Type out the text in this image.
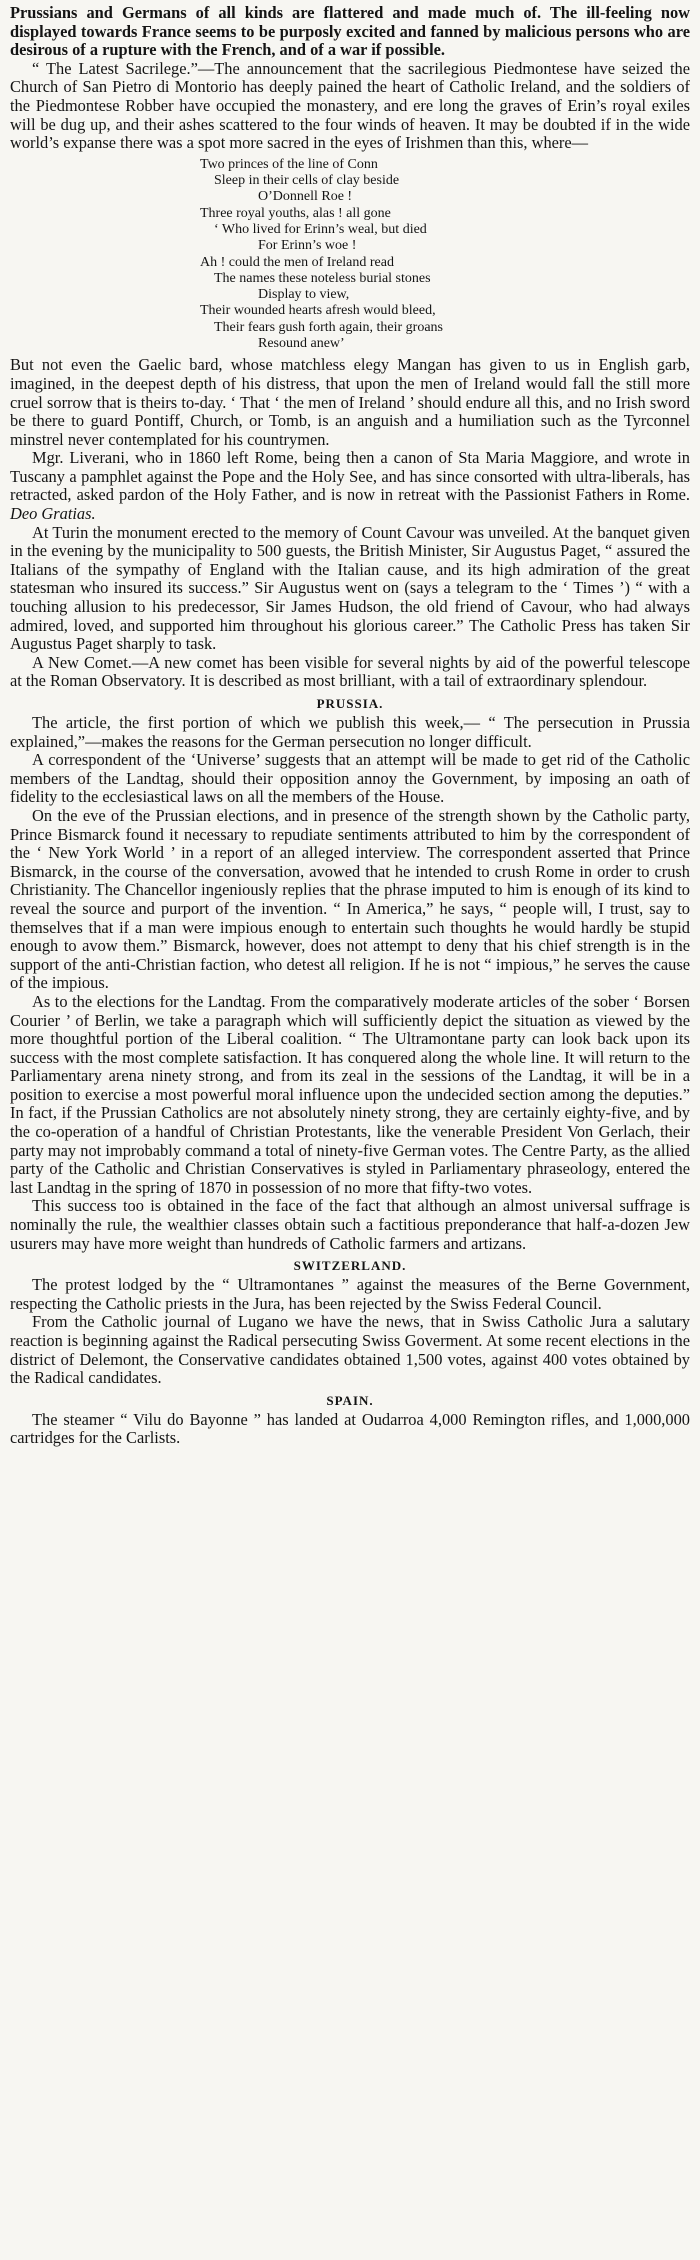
Prussians and Germans of all kinds are flattered and made much of. The ill-feeling now displayed towards France seems to be purposly excited and fanned by malicious persons who are desirous of a rupture with the French, and of a war if possible.

“ The Latest Sacrilege.”—The announcement that the sacrilegious Piedmontese have seized the Church of San Pietro di Montorio has deeply pained the heart of Catholic Ireland, and the soldiers of the Piedmontese Robber have occupied the monastery, and ere long the graves of Erin’s royal exiles will be dug up, and their ashes scattered to the four winds of heaven. It may be doubted if in the wide world’s expanse there was a spot more sacred in the eyes of Irishmen than this, where—

Two princes of the line of Conn
Sleep in their cells of clay beside
O’Donnell Roe !
Three royal youths, alas ! all gone
‘ Who lived for Erinn’s weal, but died
For Erinn’s woe !
Ah ! could the men of Ireland read
The names these noteless burial stones
Display to view,
Their wounded hearts afresh would bleed,
Their fears gush forth again, their groans
Resound anew’

But not even the Gaelic bard, whose matchless elegy Mangan has given to us in English garb, imagined, in the deepest depth of his distress, that upon the men of Ireland would fall the still more cruel sorrow that is theirs to-day. ‘ That ‘ the men of Ireland ’ should endure all this, and no Irish sword be there to guard Pontiff, Church, or Tomb, is an anguish and a humiliation such as the Tyrconnel minstrel never contemplated for his countrymen.

Mgr. Liverani, who in 1860 left Rome, being then a canon of Sta Maria Maggiore, and wrote in Tuscany a pamphlet against the Pope and the Holy See, and has since consorted with ultra-liberals, has retracted, asked pardon of the Holy Father, and is now in retreat with the Passionist Fathers in Rome. Deo Gratias.

At Turin the monument erected to the memory of Count Cavour was unveiled. At the banquet given in the evening by the municipality to 500 guests, the British Minister, Sir Augustus Paget, “ assured the Italians of the sympathy of England with the Italian cause, and its high admiration of the great statesman who insured its success.” Sir Augustus went on (says a telegram to the ‘ Times ’) “ with a touching allusion to his predecessor, Sir James Hudson, the old friend of Cavour, who had always admired, loved, and supported him throughout his glorious career.” The Catholic Press has taken Sir Augustus Paget sharply to task.

A New Comet.—A new comet has been visible for several nights by aid of the powerful telescope at the Roman Observatory. It is described as most brilliant, with a tail of extraordinary splendour.

PRUSSIA.

The article, the first portion of which we publish this week,— “ The persecution in Prussia explained,”—makes the reasons for the German persecution no longer difficult.

A correspondent of the ‘Universe’ suggests that an attempt will be made to get rid of the Catholic members of the Landtag, should their opposition annoy the Government, by imposing an oath of fidelity to the ecclesiastical laws on all the members of the House.

On the eve of the Prussian elections, and in presence of the strength shown by the Catholic party, Prince Bismarck found it necessary to repudiate sentiments attributed to him by the correspondent of the ‘ New York World ’ in a report of an alleged interview. The correspondent asserted that Prince Bismarck, in the course of the conversation, avowed that he intended to crush Rome in order to crush Christianity. The Chancellor ingeniously replies that the phrase imputed to him is enough of its kind to reveal the source and purport of the invention. “ In America,” he says, “ people will, I trust, say to themselves that if a man were impious enough to entertain such thoughts he would hardly be stupid enough to avow them.” Bismarck, however, does not attempt to deny that his chief strength is in the support of the anti-Christian faction, who detest all religion. If he is not “ impious,” he serves the cause of the impious.

As to the elections for the Landtag. From the comparatively moderate articles of the sober ‘ Borsen Courier ’ of Berlin, we take a paragraph which will sufficiently depict the situation as viewed by the more thoughtful portion of the Liberal coalition. “ The Ultramontane party can look back upon its success with the most complete satisfaction. It has conquered along the whole line. It will return to the Parliamentary arena ninety strong, and from its zeal in the sessions of the Landtag, it will be in a position to exercise a most powerful moral influence upon the undecided section among the deputies.” In fact, if the Prussian Catholics are not absolutely ninety strong, they are certainly eighty-five, and by the co-operation of a handful of Christian Protestants, like the venerable President Von Gerlach, their party may not improbably command a total of ninety-five German votes. The Centre Party, as the allied party of the Catholic and Christian Conservatives is styled in Parliamentary phraseology, entered the last Landtag in the spring of 1870 in possession of no more that fifty-two votes.

This success too is obtained in the face of the fact that although an almost universal suffrage is nominally the rule, the wealthier classes obtain such a factitious preponderance that half-a-dozen Jew usurers may have more weight than hundreds of Catholic farmers and artizans.

SWITZERLAND.

The protest lodged by the “ Ultramontanes ” against the measures of the Berne Government, respecting the Catholic priests in the Jura, has been rejected by the Swiss Federal Council.

From the Catholic journal of Lugano we have the news, that in Swiss Catholic Jura a salutary reaction is beginning against the Radical persecuting Swiss Goverment. At some recent elections in the district of Delemont, the Conservative candidates obtained 1,500 votes, against 400 votes obtained by the Radical candidates.

SPAIN.

The steamer “ Vilu do Bayonne ” has landed at Oudarroa 4,000 Remington rifles, and 1,000,000 cartridges for the Carlists.
